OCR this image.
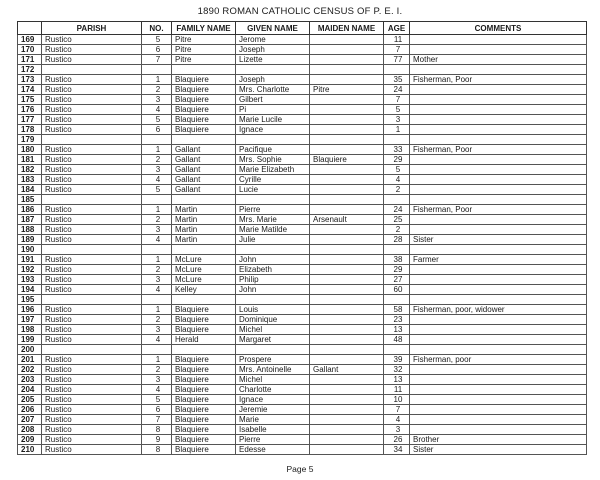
1890 ROMAN CATHOLIC CENSUS OF P. E. I.
	PARISH	NO.	FAMILY NAME	GIVEN NAME	MAIDEN NAME	AGE	COMMENTS
169	Rustico	5	Pitre	Jerome		11	
170	Rustico	6	Pitre	Joseph		7	
171	Rustico	7	Pitre	Lizette		77	Mother
172							
173	Rustico	1	Blaquiere	Joseph		35	Fisherman, Poor
174	Rustico	2	Blaquiere	Mrs. Charlotte	Pitre	24	
175	Rustico	3	Blaquiere	Gilbert		7	
176	Rustico	4	Blaquiere	Pi		5	
177	Rustico	5	Blaquiere	Marie Lucile		3	
178	Rustico	6	Blaquiere	Ignace		1	
179							
180	Rustico	1	Gallant	Pacifique		33	Fisherman, Poor
181	Rustico	2	Gallant	Mrs. Sophie	Blaquiere	29	
182	Rustico	3	Gallant	Marie Elizabeth		5	
183	Rustico	4	Gallant	Cyrille		4	
184	Rustico	5	Gallant	Lucie		2	
185							
186	Rustico	1	Martin	Pierre		24	Fisherman, Poor
187	Rustico	2	Martin	Mrs. Marie	Arsenault	25	
188	Rustico	3	Martin	Marie Matilde		2	
189	Rustico	4	Martin	Julie		28	Sister
190							
191	Rustico	1	McLure	John		38	Farmer
192	Rustico	2	McLure	Elizabeth		29	
193	Rustico	3	McLure	Philip		27	
194	Rustico	4	Kelley	John		60	
195							
196	Rustico	1	Blaquiere	Louis		58	Fisherman, poor, widower
197	Rustico	2	Blaquiere	Dominique		23	
198	Rustico	3	Blaquiere	Michel		13	
199	Rustico	4	Herald	Margaret		48	
200							
201	Rustico	1	Blaquiere	Prospere		39	Fisherman, poor
202	Rustico	2	Blaquiere	Mrs. Antoinelle	Gallant	32	
203	Rustico	3	Blaquiere	Michel		13	
204	Rustico	4	Blaquiere	Charlotte		11	
205	Rustico	5	Blaquiere	Ignace		10	
206	Rustico	6	Blaquiere	Jeremie		7	
207	Rustico	7	Blaquiere	Marie		4	
208	Rustico	8	Blaquiere	Isabelle		3	
209	Rustico	9	Blaquiere	Pierre		26	Brother
210	Rustico	8	Blaquiere	Edesse		34	Sister
Page 5
